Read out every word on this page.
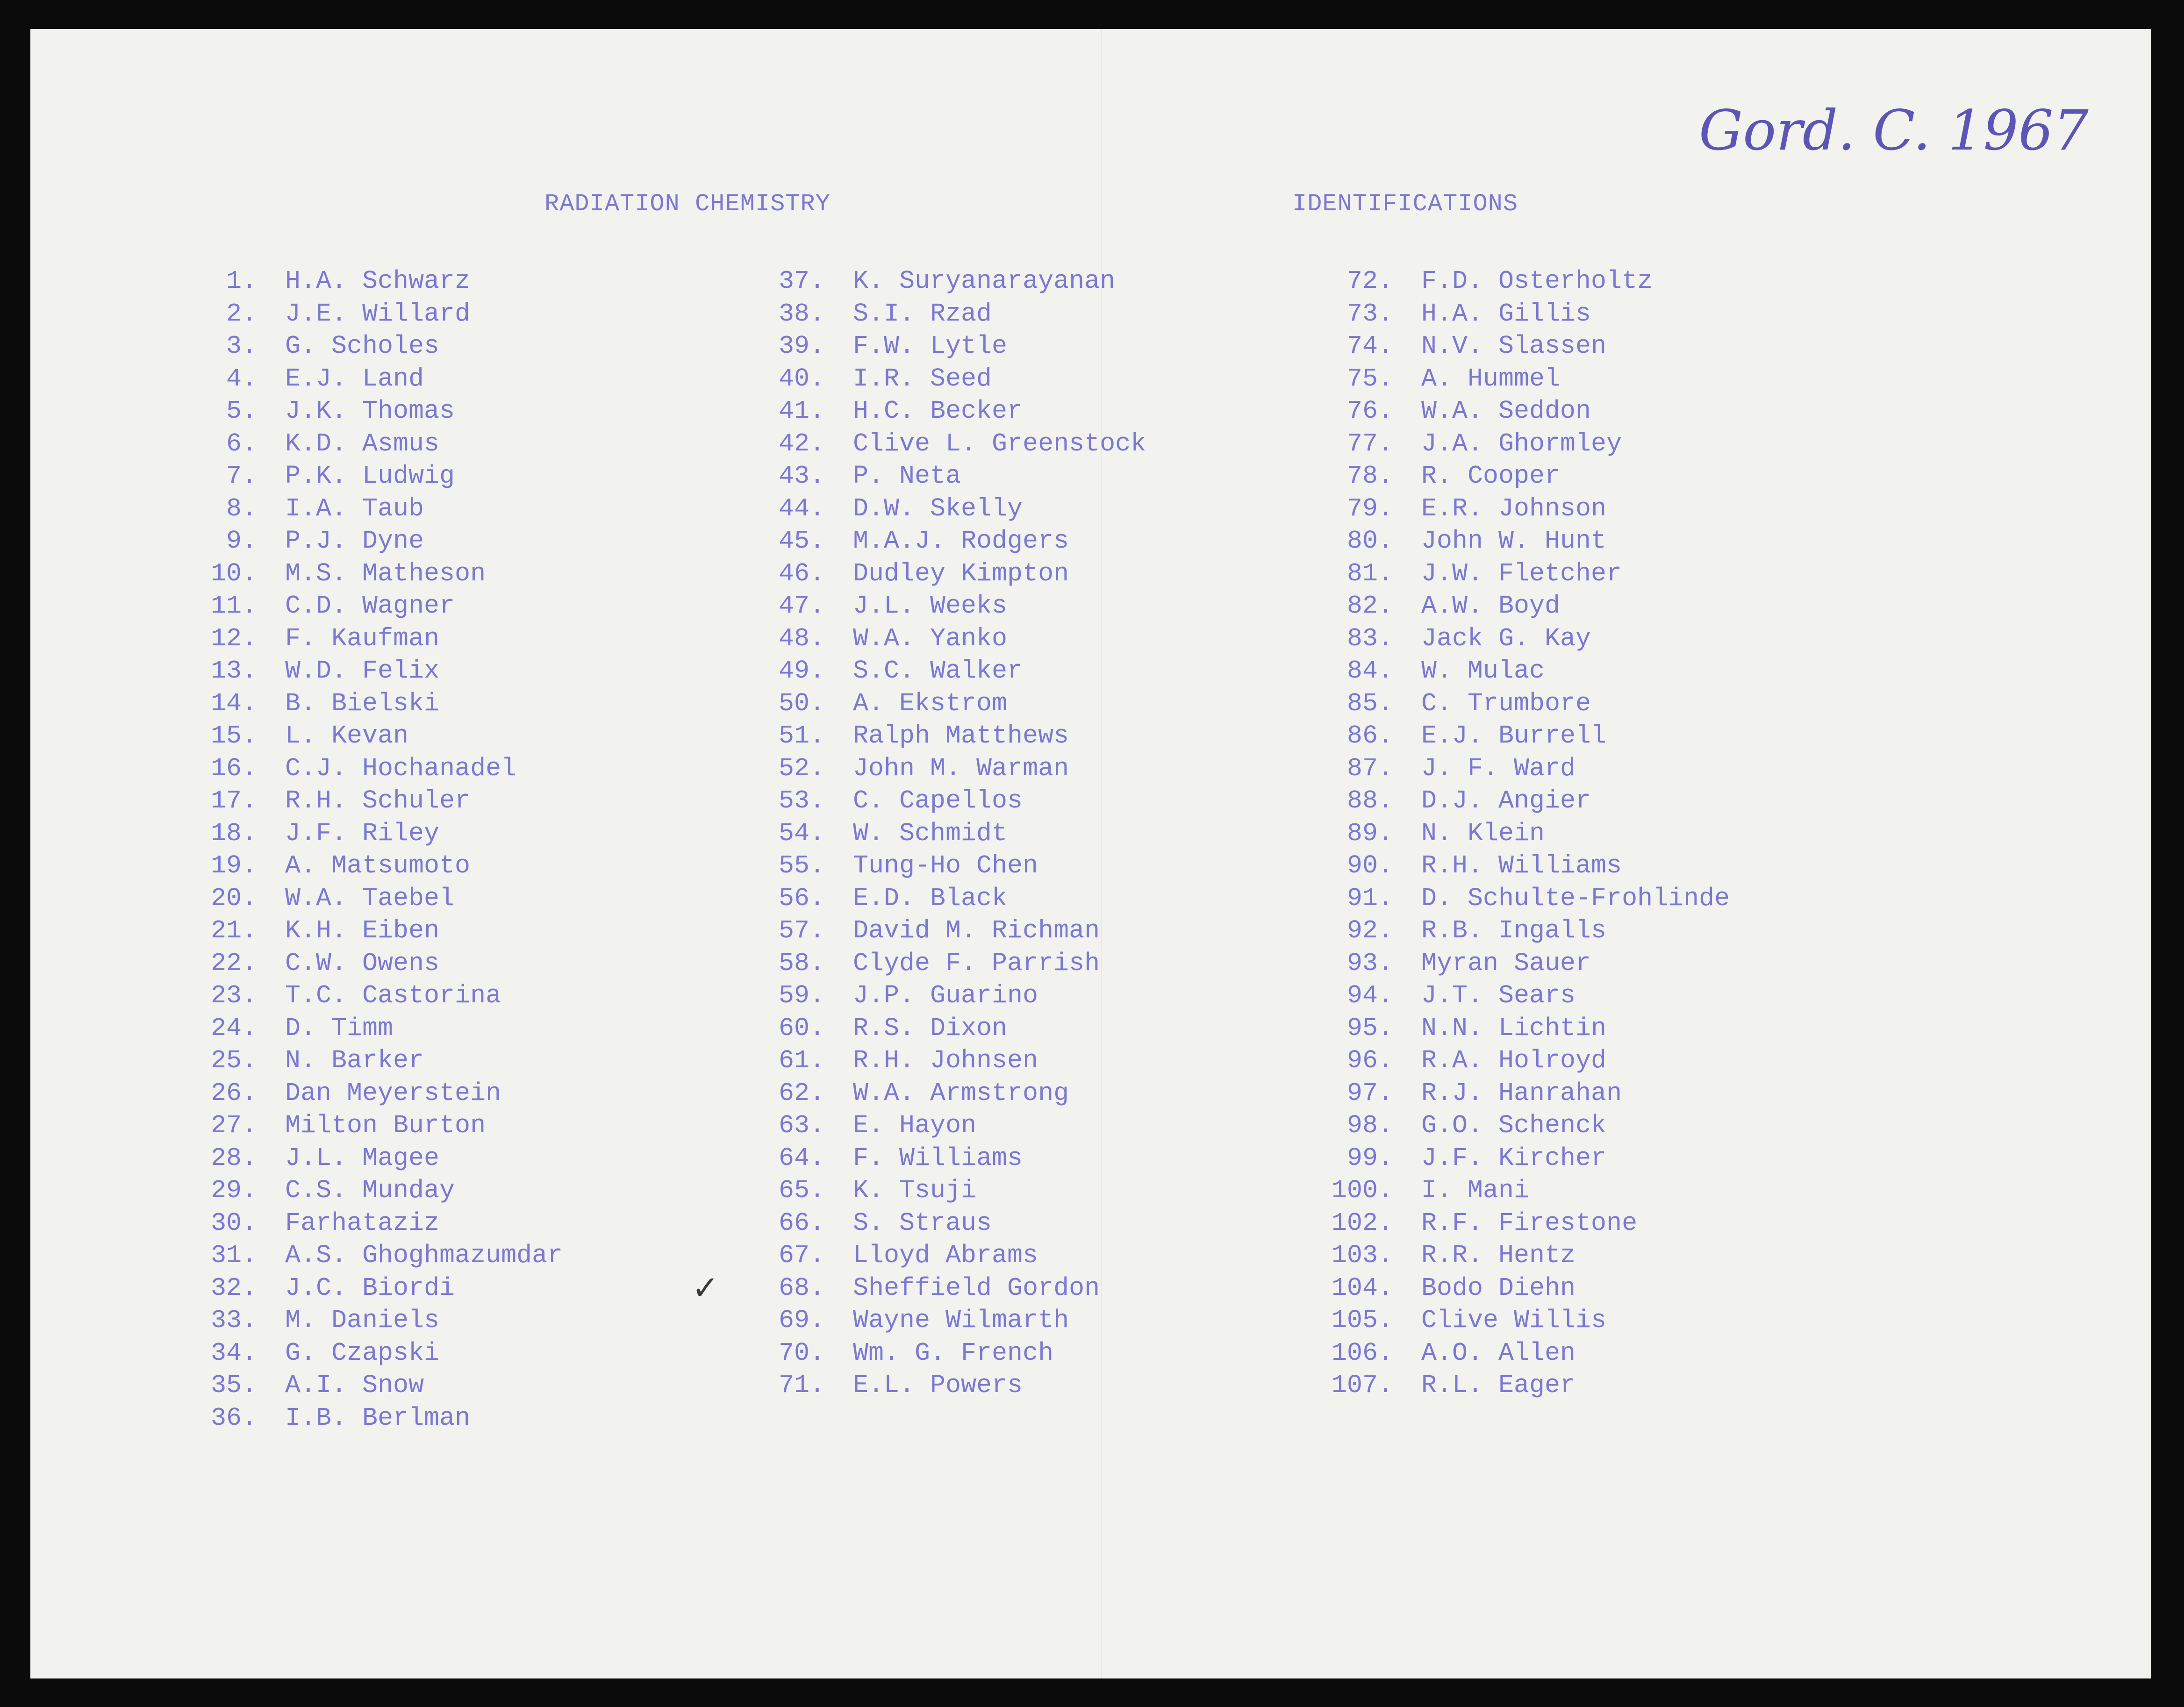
Gord. C. 1967
RADIATION CHEMISTRY	IDENTIFICATIONS
1. H.A. Schwarz
2. J.E. Willard
3. G. Scholes
4. E.J. Land
5. J.K. Thomas
6. K.D. Asmus
7. P.K. Ludwig
8. I.A. Taub
9. P.J. Dyne
10. M.S. Matheson
11. C.D. Wagner
12. F. Kaufman
13. W.D. Felix
14. B. Bielski
15. L. Kevan
16. C.J. Hochanadel
17. R.H. Schuler
18. J.F. Riley
19. A. Matsumoto
20. W.A. Taebel
21. K.H. Eiben
22. C.W. Owens
23. T.C. Castorina
24. D. Timm
25. N. Barker
26. Dan Meyerstein
27. Milton Burton
28. J.L. Magee
29. C.S. Munday
30. Farhataziz
31. A.S. Ghoghmazumdar
32. J.C. Biordi
33. M. Daniels
34. G. Czapski
35. A.I. Snow
36. I.B. Berlman
37. K. Suryanarayanan
38. S.I. Rzad
39. F.W. Lytle
40. I.R. Seed
41. H.C. Becker
42. Clive L. Greenstock
43. P. Neta
44. D.W. Skelly
45. M.A.J. Rodgers
46. Dudley Kimpton
47. J.L. Weeks
48. W.A. Yanko
49. S.C. Walker
50. A. Ekstrom
51. Ralph Matthews
52. John M. Warman
53. C. Capellos
54. W. Schmidt
55. Tung-Ho Chen
56. E.D. Black
57. David M. Richman
58. Clyde F. Parrish
59. J.P. Guarino
60. R.S. Dixon
61. R.H. Johnsen
62. W.A. Armstrong
63. E. Hayon
64. F. Williams
65. K. Tsuji
66. S. Straus
67. Lloyd Abrams
✓ 68. Sheffield Gordon
69. Wayne Wilmarth
70. Wm. G. French
71. E.L. Powers
72. F.D. Osterholtz
73. H.A. Gillis
74. N.V. Slassen
75. A. Hummel
76. W.A. Seddon
77. J.A. Ghormley
78. R. Cooper
79. E.R. Johnson
80. John W. Hunt
81. J.W. Fletcher
82. A.W. Boyd
83. Jack G. Kay
84. W. Mulac
85. C. Trumbore
86. E.J. Burrell
87. J. F. Ward
88. D.J. Angier
89. N. Klein
90. R.H. Williams
91. D. Schulte-Frohlinde
92. R.B. Ingalls
93. Myran Sauer
94. J.T. Sears
95. N.N. Lichtin
96. R.A. Holroyd
97. R.J. Hanrahan
98. G.O. Schenck
99. J.F. Kircher
100. I. Mani
102. R.F. Firestone
103. R.R. Hentz
104. Bodo Diehn
105. Clive Willis
106. A.O. Allen
107. R.L. Eager
